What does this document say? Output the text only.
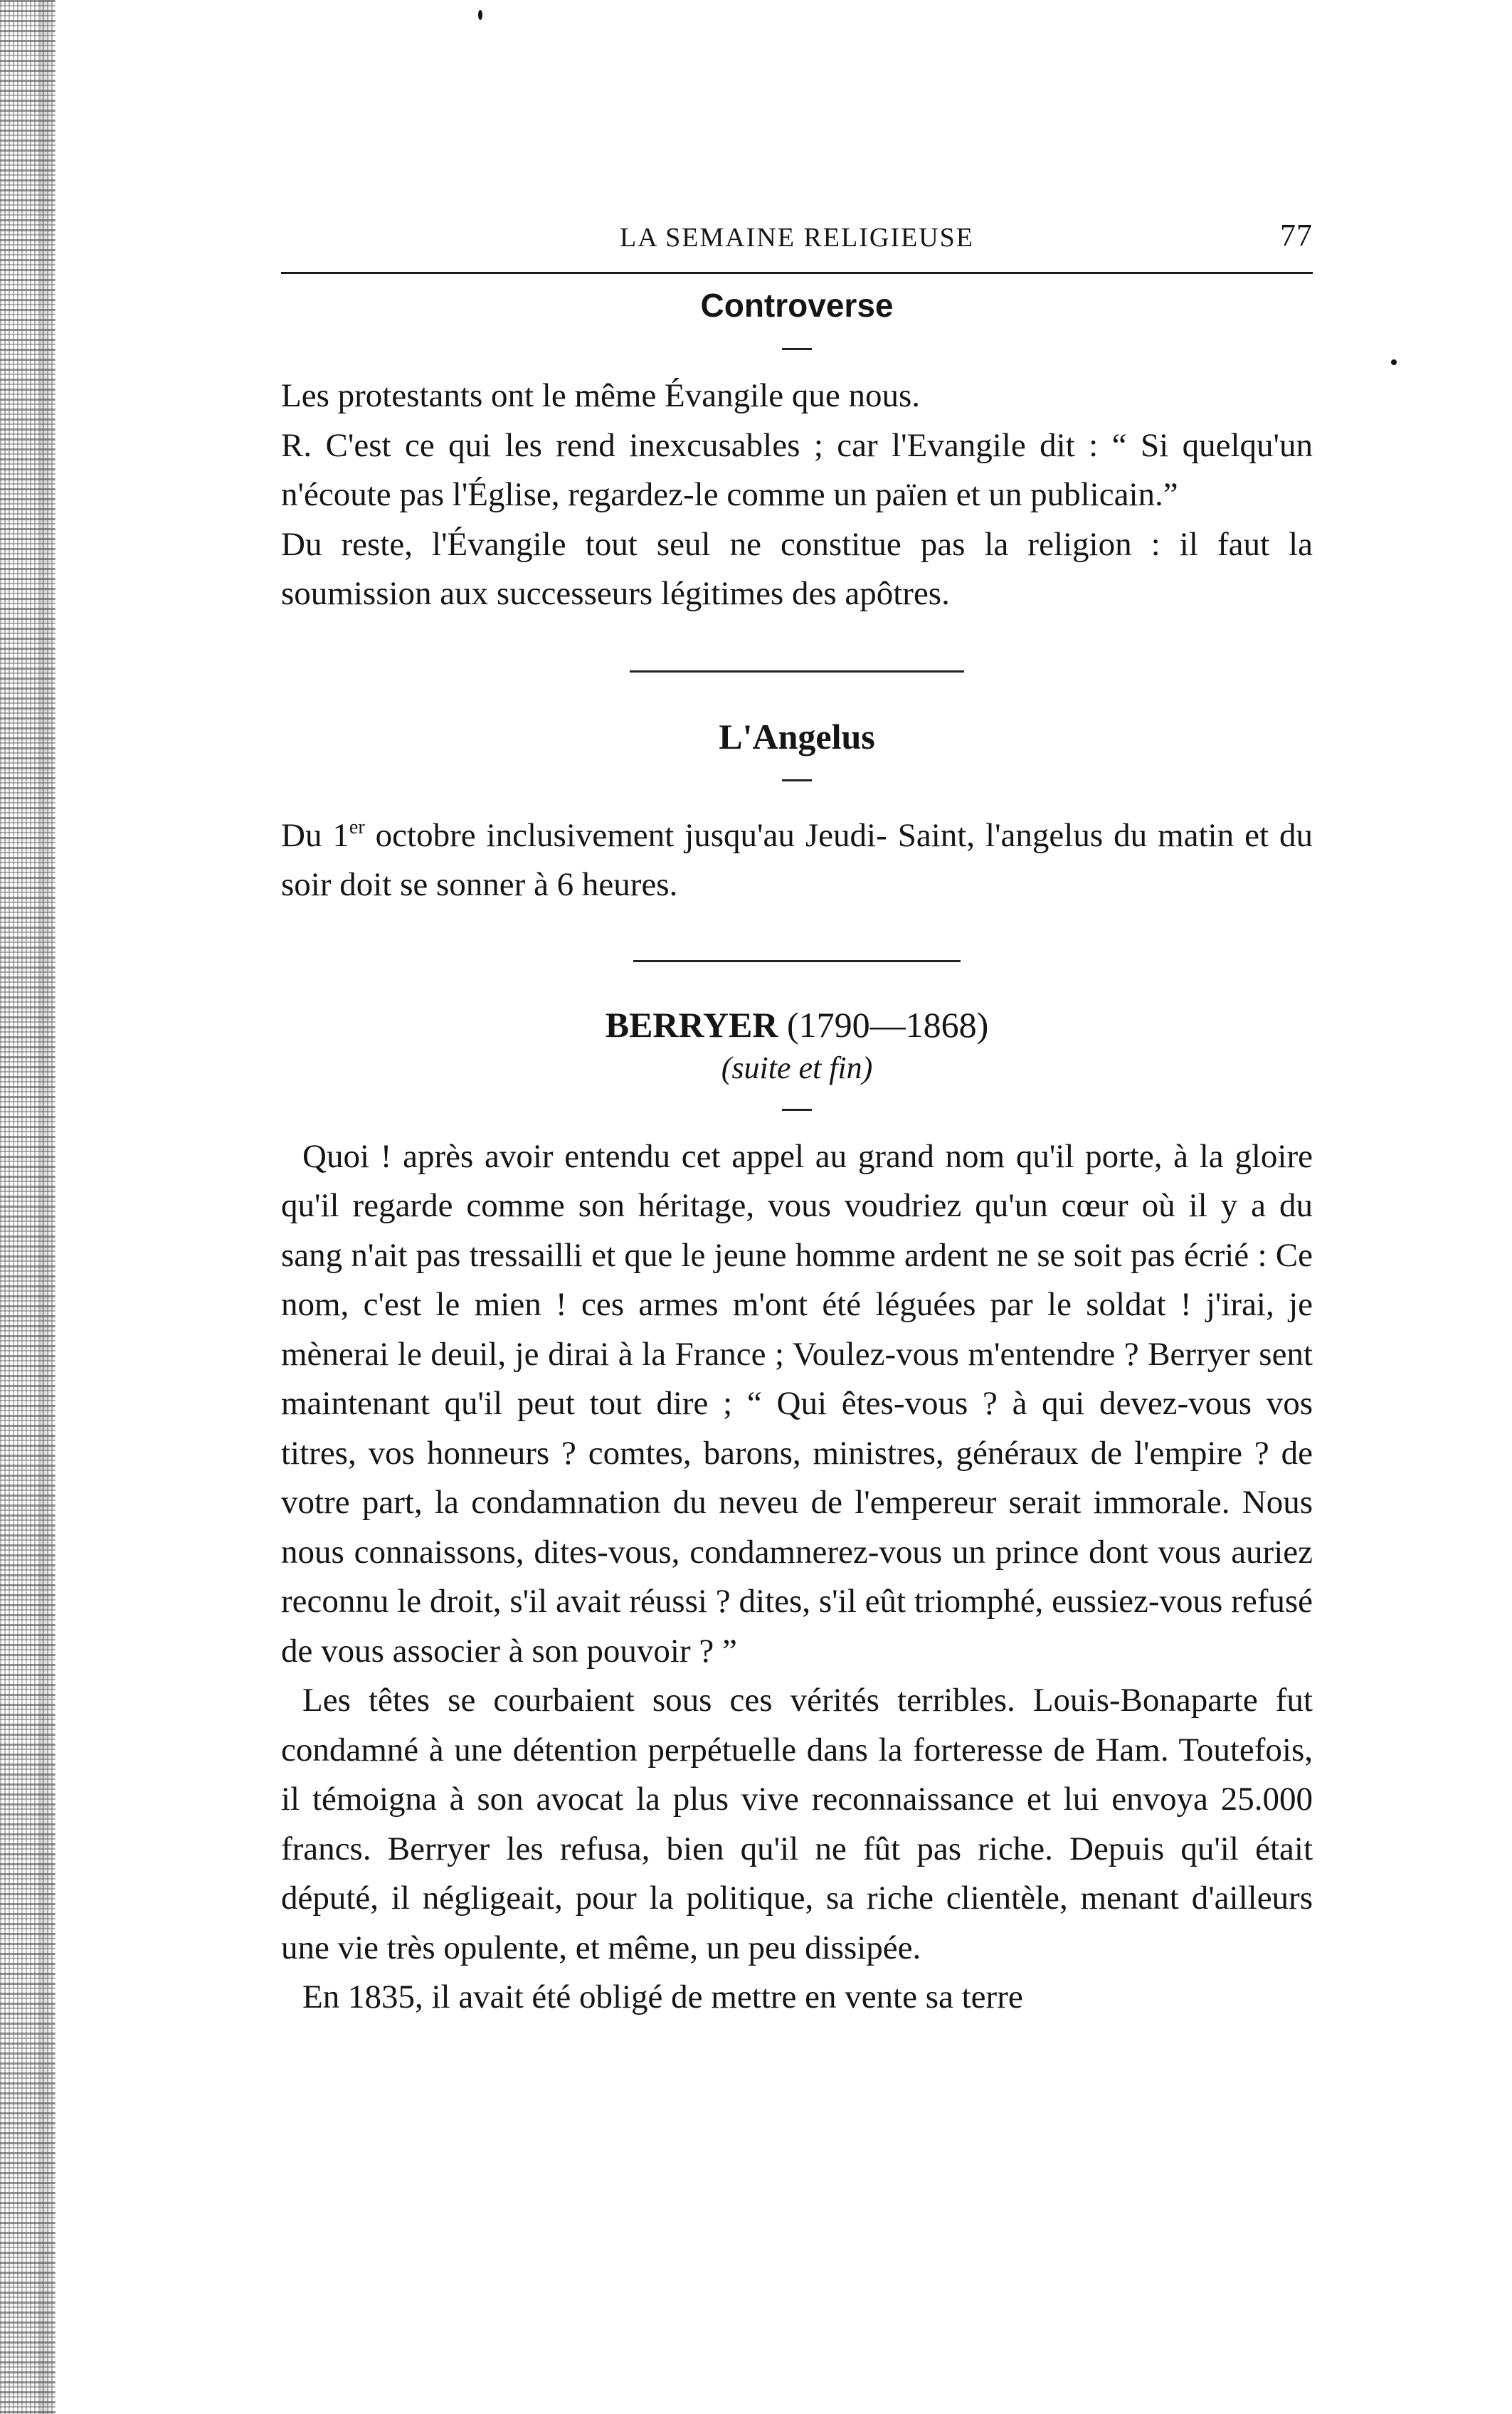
LA SEMAINE RELIGIEUSE	77
Controverse

Les protestants ont le même Évangile que nous.

R. C'est ce qui les rend inexcusables ; car l'Evangile dit : “ Si quelqu'un n'écoute pas l'Église, regardez-le comme un païen et un publicain.”

Du reste, l'Évangile tout seul ne constitue pas la religion : il faut la soumission aux successeurs légitimes des apôtres.

L'Angelus

Du 1er octobre inclusivement jusqu'au Jeudi- Saint, l'angelus du matin et du soir doit se sonner à 6 heures.

BERRYER (1790—1868)
(suite et fin)

Quoi ! après avoir entendu cet appel au grand nom qu'il porte, à la gloire qu'il regarde comme son héritage, vous voudriez qu'un cœur où il y a du sang n'ait pas tressailli et que le jeune homme ardent ne se soit pas écrié : Ce nom, c'est le mien ! ces armes m'ont été léguées par le soldat ! j'irai, je mènerai le deuil, je dirai à la France ; Voulez-vous m'entendre ? Berryer sent maintenant qu'il peut tout dire ; “ Qui êtes-vous ? à qui devez-vous vos titres, vos honneurs ? comtes, barons, ministres, généraux de l'empire ? de votre part, la condamnation du neveu de l'empereur serait immorale. Nous nous connaissons, dites-vous, condamnerez-vous un prince dont vous auriez reconnu le droit, s'il avait réussi ? dites, s'il eût triomphé, eussiez-vous refusé de vous associer à son pouvoir ? ”

Les têtes se courbaient sous ces vérités terribles. Louis-Bonaparte fut condamné à une détention perpétuelle dans la forteresse de Ham. Toutefois, il témoigna à son avocat la plus vive reconnaissance et lui envoya 25.000 francs. Berryer les refusa, bien qu'il ne fût pas riche. Depuis qu'il était député, il négligeait, pour la politique, sa riche clientèle, menant d'ailleurs une vie très opulente, et même, un peu dissipée.

En 1835, il avait été obligé de mettre en vente sa terre
